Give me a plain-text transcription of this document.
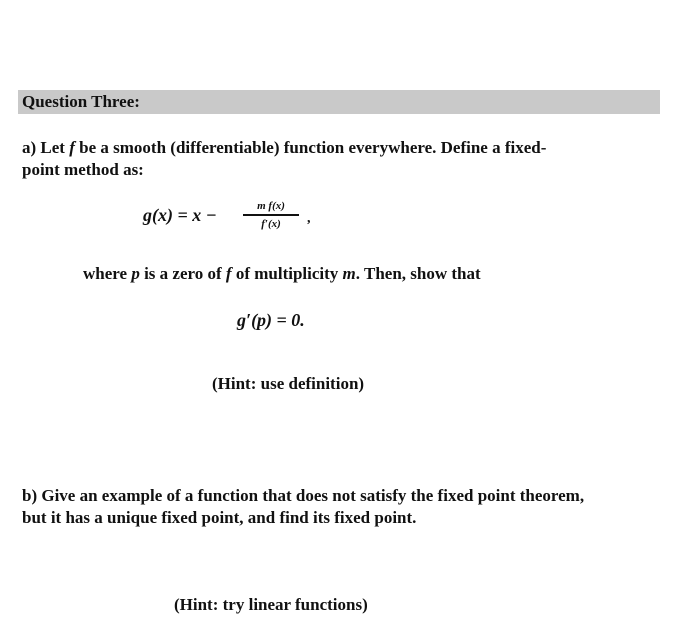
Question Three:
a) Let f be a smooth (differentiable) function everywhere. Define a fixed-
point method as:
g(x) = x −	m f(x)
f′(x)	,
where p is a zero of f of multiplicity m. Then, show that
g′(p) = 0.
(Hint: use definition)
b) Give an example of a function that does not satisfy the fixed point theorem,
but it has a unique fixed point, and find its fixed point.
(Hint: try linear functions)
